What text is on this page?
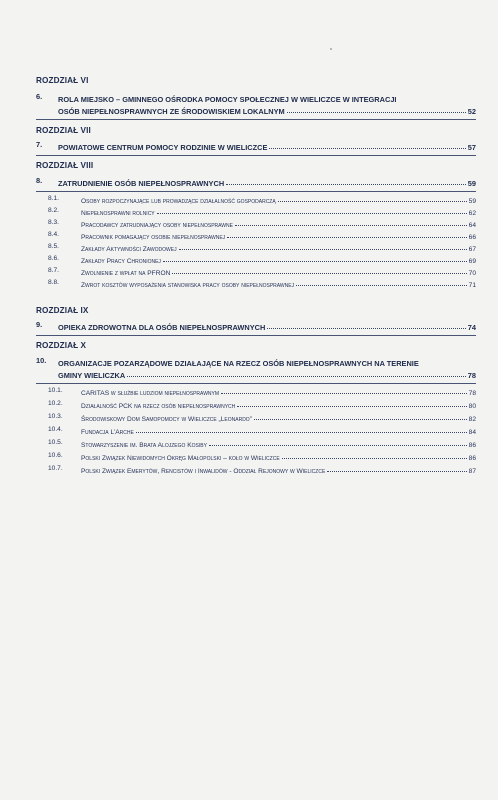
ROZDZIAŁ VI
6. ROLA MIEJSKO – GMINNEGO OŚRODKA POMOCY SPOŁECZNEJ W WIELICZCE W INTEGRACJI
OSÓB NIEPEŁNOSPRAWNYCH ZE ŚRODOWISKIEM LOKALNYM	52
ROZDZIAŁ VII
7. POWIATOWE CENTRUM POMOCY RODZINIE W WIELICZCE	57
ROZDZIAŁ VIII
8. ZATRUDNIENIE OSÓB NIEPEŁNOSPRAWNYCH	59
8.1.	Osoby rozpoczynające lub prowadzące działalność gospodarczą	59
8.2.	Niepełnosprawni rolnicy	62
8.3.	Pracodawcy zatrudniający osoby niepełnosprawne	64
8.4.	Pracownik pomagający osobie niepełnosprawnej	66
8.5.	Zakłady Aktywności Zawodowej	67
8.6.	Zakłady Pracy Chronionej	69
8.7.	Zwolnienie z wpłat na PFRON	70
8.8.	Zwrot kosztów wyposażenia stanowiska pracy osoby niepełnosprawnej	71
ROZDZIAŁ IX
9. OPIEKA ZDROWOTNA DLA OSÓB NIEPEŁNOSPRAWNYCH	74
ROZDZIAŁ X
10. ORGANIZACJE POZARZĄDOWE DZIAŁAJĄCE NA RZECZ OSÓB NIEPEŁNOSPRAWNYCH NA TERENIE
GMINY WIELICZKA	78
10.1.	CARITAS w służbie ludziom niepełnosprawnym	78
10.2.	Działalność PCK na rzecz osób niepełnosprawnych	80
10.3.	Środowiskowy Dom Samopomocy w Wieliczce „Leonardo”	82
10.4.	Fundacja L’Arche	84
10.5.	Stowarzyszenie im. Brata Alojzego Kosiby	86
10.6.	Polski Związek Niewidomych Okręg Małopolski – koło w Wieliczce	86
10.7.	Polski Związek Emerytów, Rencistów i Inwalidów - Oddział Rejonowy w Wieliczce	87
